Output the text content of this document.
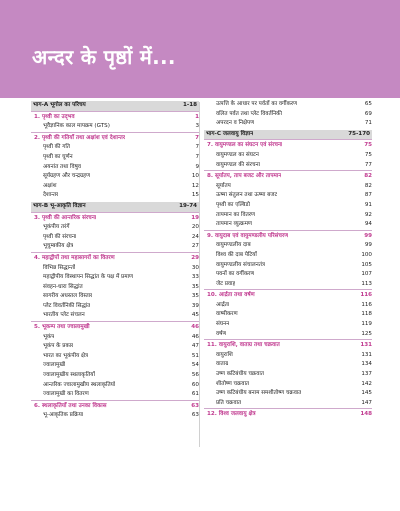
अन्दर के पृष्ठों में...
भाग-A भूगोल का परिचय	1-18
1. पृथ्वी का उद्‌भव	1
• भूवैज्ञानिक काल मापक्रम (GTS)	3
2. पृथ्वी की गतियाँ तथा अक्षांश एवं देशान्तर	7
• पृथ्वी की गति	7
• पृथ्वी का घूर्णन	7
• अयनांत तथा विषुव	9
• सूर्यग्रहण और चन्द्रग्रहण	10
• अक्षांश	12
• देशान्तर	15
भाग-B भू-आकृति विज्ञान	19-74
3. पृथ्वी की आन्तरिक संरचना	19
• भूकंपीय तरंगें	20
• पृथ्वी की संरचना	24
• भूचुम्बकीय क्षेत्र	27
4. महाद्वीपों तथा महासागरों का वितरण	29
• विभिन्न सिद्धान्तों	30
• महाद्वीपीय विस्थापन सिद्धांत के पक्ष में प्रमाण	33
• संवहन-धारा सिद्धांत	35
• सागरीय अधस्तल विस्तार	35
• प्लेट विवर्तनिकी सिद्धांत	39
• भारतीय प्लेट संचलन	45
5. भूकम्प तथा ज्वालामुखी	46
• भूकंप	46
• भूकंप के प्रकार	47
• भारत का भूकंपीय क्षेत्र	51
• ज्वालामुखी	54
• ज्वालामुखीय स्थलाकृतियाँ	56
• आन्तरिक ज्वालामुखीय स्थलाकृतियाँ	60
• ज्वालामुखी का वितरण	61
6. स्थलाकृतियाँ तथा उनका विकास	63
• भू-आकृतिक प्रक्रिया	63
• उत्पत्ति के आधार पर पर्वतों का वर्गीकरण	65
• वलित पर्वत तथा प्लेट विवर्तनिकी	69
• अपरदन व निक्षेपण	71
भाग-C जलवायु विज्ञान	75-170
7. वायुमण्डल का संघटन एवं संरचना	75
• वायुमण्डल का संघटन	75
• वायुमण्डल की संरचना	77
8. सूर्यातप, ताप बजट और तापमान	82
• सूर्यातप	82
• ऊष्मा संतुलन तथा ऊष्मा बजट	87
• पृथ्वी का एल्बिडो	91
• तापमान का वितरण	92
• तापमान व्युत्क्रमण	94
9. वायुदाब एवं वायुमण्डलीय परिसंचरण	99
• वायुमण्डलीय दाब	99
• विश्व की दाब पेटियाँ	100
• वायुमण्डलीय संचालनतंत्र	105
• पवनों का वर्गीकरण	107
• जेट प्रवाह	113
10. आर्द्रता तथा वर्षण	116
• आर्द्रता	116
• वाष्पीकरण	118
• संघनन	119
• वर्षण	125
11. वायुराशि, वाताग्र तथा चक्रवात	131
• वायुराशि	131
• वाताग्र	134
• उष्ण कटिबंधीय चक्रवात	137
• शीतोष्ण चक्रवात	142
• उष्ण कटिबंधीय बनाम समशीतोष्ण चक्रवात	145
• प्रति चक्रवात	147
12. विश्व जलवायु क्षेत्र	148
